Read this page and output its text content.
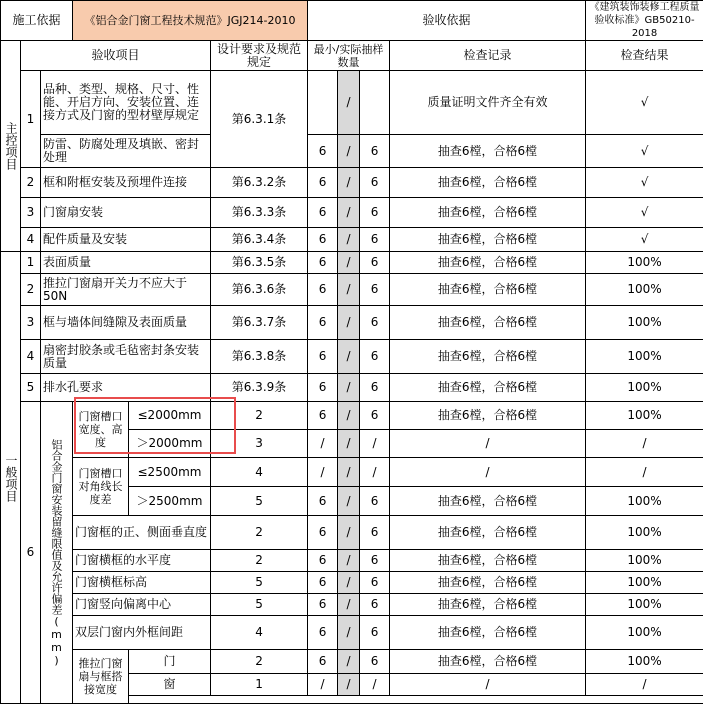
施工依据			《铝合金门窗工程技术规范》JGJ214-2010			验收依据				《建筑装饰装修工程质量验收标准》GB50210-2018
主控项目	验收项目				设计要求及规范规定	最小/实际抽样数量			检查记录	检查结果
	1	品种、类型、规格、尺寸、性能、开启方向、安装位置、连接方式及门窗的型材壁厚规定			第6.3.1条		/		质量证明文件齐全有效	√
		防雷、防腐处理及填嵌、密封处理				6	/	6	抽查6樘，合格6樘	√
	2	框和附框安装及预埋件连接			第6.3.2条	6	/	6	抽查6樘，合格6樘	√
	3	门窗扇安装			第6.3.3条	6	/	6	抽查6樘，合格6樘	√
	4	配件质量及安装			第6.3.4条	6	/	6	抽查6樘，合格6樘	√
一般项目	1	表面质量			第6.3.5条	6	/	6	抽查6樘，合格6樘	100%
	2	推拉门窗扇开关力不应大于50N			第6.3.6条	6	/	6	抽查6樘，合格6樘	100%
	3	框与墙体间缝隙及表面质量			第6.3.7条	6	/	6	抽查6樘，合格6樘	100%
	4	扇密封胶条或毛毡密封条安装质量			第6.3.8条	6	/	6	抽查6樘，合格6樘	100%
	5	排水孔要求			第6.3.9条	6	/	6	抽查6樘，合格6樘	100%
	6	铝合金门窗安装留缝限值及允许偏差(mm)	门窗槽口宽度、高度	≤2000mm	2	6	/	6	抽查6樘，合格6樘	100%
				＞2000mm	3	/	/	/	/	/
			门窗槽口对角线长度差	≤2500mm	4	/	/	/	/	/
				＞2500mm	5	6	/	6	抽查6樘，合格6樘	100%
			门窗框的正、侧面垂直度		2	6	/	6	抽查6樘，合格6樘	100%
			门窗横框的水平度		2	6	/	6	抽查6樘，合格6樘	100%
			门窗横框标高		5	6	/	6	抽查6樘，合格6樘	100%
			门窗竖向偏离中心		5	6	/	6	抽查6樘，合格6樘	100%
			双层门窗内外框间距		4	6	/	6	抽查6樘，合格6樘	100%
			推拉门窗扇与框搭接宽度	门	2	6	/	6	抽查6樘，合格6樘	100%
				窗	1	/	/	/	/	/
